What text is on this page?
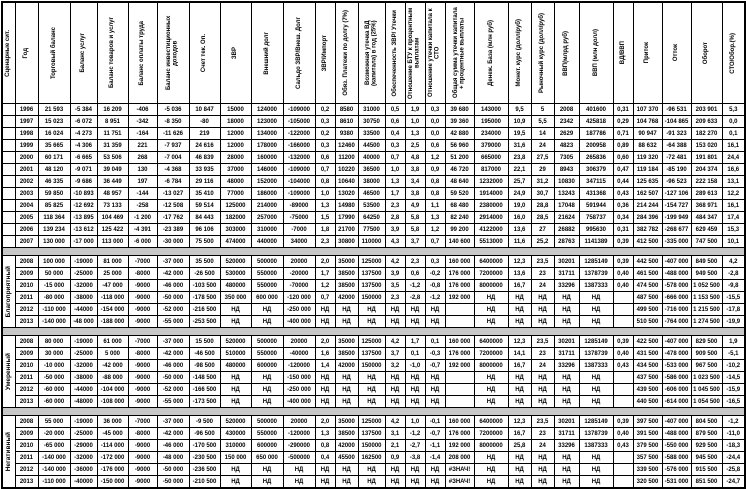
Сценарные сит.	Год	Торговый баланс	Баланс услуг	Баланс товаров и услуг	Баланс оплаты труда	Баланс инвестиционных доходов	Счет тек. Оп.	ЗВР	Внешний долг	Сальдо ЗВР/Внеш. Долг	ЗВР/Импорт	Обяз. Платежи по долгу (7%)	Возможная утечка ВД (капитала) в год (25%)	Обеспеченность ЗВР/ Утечки	Отношение БТУ к процентным выплатам	Отношение утечки капитала к СТО	Общая сумма утечки капитала + процентные выплаты	Денеж. База (млн руб)	Монет. курс (долл/руб)	Рыночный курс (долл/руб)	ВВП(млрд руб)	ВВП (млн долл)	ВД/ВВП	Приток	Отток	Оборот	СТО/Обор.(%)

	1996	21 593	-5 384	16 209	-406	-5 036	10 847	15000	124000	-109000	0,2	8580	31000	0,5	1,9	0,3	39 680	143000	9,5	5	2008	401600	0,31	107 370	-96 531	203 901	5,3
	1997	15 023	-6 072	8 951	-342	-8 350	-80	18000	123000	-105000	0,3	8610	30750	0,6	1,0	0,0	39 360	195000	10,9	5,5	2342	425818	0,29	104 768	-104 865	209 633	0,0
	1998	16 024	-4 273	11 751	-164	-11 626	219	12000	134000	-122000	0,2	9380	33500	0,4	1,3	0,0	42 880	234000	19,5	14	2629	187786	0,71	90 947	-91 323	182 270	0,1
	1999	35 665	-4 306	31 359	221	-7 937	24 616	12000	178000	-166000	0,3	12460	44500	0,3	2,5	0,6	56 960	379000	31,6	24	4823	200958	0,89	88 632	-64 388	153 020	16,1
	2000	60 171	-6 665	53 506	268	-7 004	46 839	28000	160000	-132000	0,6	11200	40000	0,7	4,8	1,2	51 200	665000	23,8	27,5	7305	265836	0,60	119 320	-72 481	191 801	24,4
	2001	48 120	-9 071	39 049	130	-4 368	33 935	37000	146000	-109000	0,7	10220	36500	1,0	3,8	0,9	46 720	817000	22,1	29	8943	306379	0,47	119 184	-85 190	204 374	16,6
	2002	46 335	-9 686	36 449	197	-6 784	29 116	48000	152000	-104000	0,8	10640	38000	1,3	3,4	0,8	48 640	1232000	25,7	31,2	10830	347115	0,44	125 635	-96 523	222 158	13,1
	2003	59 850	-10 893	48 957	-144	-13 027	35 410	77000	186000	-109000	1,0	13020	46500	1,7	3,8	0,8	59 520	1914000	24,9	30,7	13243	431368	0,43	162 507	-127 106	289 613	12,2
	2004	85 825	-12 692	73 133	-258	-12 508	59 514	125000	214000	-89000	1,3	14980	53500	2,3	4,9	1,1	68 480	2380000	19,0	28,8	17048	591944	0,36	214 244	-154 727	368 971	16,1
	2005	118 364	-13 895	104 469	-1 200	-17 762	84 443	182000	257000	-75000	1,5	17990	64250	2,8	5,8	1,3	82 240	2914000	16,0	28,5	21624	758737	0,34	284 396	-199 949	484 347	17,4
	2006	139 234	-13 612	125 422	-4 391	-23 389	96 106	303000	310000	-7000	1,8	21700	77500	3,9	5,8	1,2	99 200	4122000	13,6	27	26882	995630	0,31	382 782	-268 677	629 459	15,3
	2007	130 000	-17 000	113 000	-6 000	-30 000	75 500	474000	440000	34000	2,3	30800	110000	4,3	3,7	0,7	140 600	5513000	11,6	25,2	28763	1141389	0,39	412 500	-335 000	747 500	10,1

Благоприятный	2008	100 000	-19000	81 000	-7000	-37 000	35 500	520000	500000	20000	2,0	35000	125000	4,2	2,3	0,3	160 000	6400000	12,3	23,5	30201	1285149	0,39	442 500	-407 000	849 500	4,2
	2009	50 000	-25000	25 000	-8000	-42 000	-26 500	530000	550000	-20000	1,7	38500	137500	3,9	0,6	-0,2	176 000	7200000	13,6	23	31711	1378739	0,40	461 500	-488 000	949 500	-2,8
	2010	-15 000	-32000	-47 000	-9000	-46 000	-103 500	480000	550000	-70000	1,2	38500	137500	3,5	-1,2	-0,8	176 000	8000000	16,7	24	33296	1387333	0,40	474 500	-578 000	1 052 500	-9,8
	2011	-80 000	-38000	-118 000	-9000	-50 000	-178 500	350 000	600 000	-120 000	0,7	42000	150000	2,3	-2,8	-1,2	192 000	НД	НД	НД	НД	НД		487 500	-666 000	1 153 500	-15,5
	2012	-110 000	-44000	-154 000	-9000	-52 000	-216 500	НД	НД	-250 000	НД	НД	НД	НД	НД	НД		НД	НД	НД	НД	НД		499 500	-716 000	1 215 500	-17,8
	2013	-140 000	-48 000	-188 000	-9000	-55 000	-253 500	НД	НД	-400 000	НД	НД	НД	НД	НД	НД		НД	НД	НД	НД	НД		510 500	-764 000	1 274 500	-19,9

Умеренный	2008	80 000	-19000	61 000	-7000	-37 000	15 500	520000	500000	20000	2,0	35000	125000	4,2	1,7	0,1	160 000	6400000	12,3	23,5	30201	1285149	0,39	422 500	-407 000	829 500	1,9
	2009	30 000	-25000	5 000	-8000	-42 000	-46 500	510000	550000	-40000	1,6	38500	137500	3,7	0,1	-0,3	176 000	7200000	14,1	23	31711	1378739	0,40	431 500	-478 000	909 500	-5,1
	2010	-10 000	-32000	-42 000	-9000	-46 000	-98 500	480000	600000	-120000	1,4	42000	150000	3,2	-1,0	-0,7	192 000	8000000	16,7	24	33296	1387333	0,43	434 500	-533 000	967 500	-10,2
	2011	-50 000	-38000	-88 000	-9000	-50 000	-148 500	НД	НД	-150 000	НД	НД	НД	НД	НД	НД		НД	НД	НД	НД	НД		437 500	-586 000	1 023 500	-14,5
	2012	-60 000	-44000	-104 000	-9000	-52 000	-166 500	НД	НД	-250 000	НД	НД	НД	НД	НД	НД		НД	НД	НД	НД	НД		439 500	-606 000	1 045 500	-15,9
	2013	-60 000	-48000	-108 000	-9000	-55 000	-173 500	НД	НД	-400 000	НД	НД	НД	НД	НД	НД		НД	НД	НД	НД	НД		440 500	-614 000	1 054 500	-16,5

Негативный	2008	55 000	-19000	36 000	-7000	-37 000	-9 500	520000	500000	20000	2,0	35000	125000	4,2	1,0	-0,1	160 000	6400000	12,3	23,5	30201	1285149	0,39	397 500	-407 000	804 500	-1,2
	2009	-20 000	-25000	-45 000	-8000	-42 000	-96 500	430000	550000	-120000	1,3	38500	137500	3,1	-1,2	-0,7	176 000	7200000	16,7	23	31711	1378739	0,40	391 500	-488 000	879 500	-11,0
	2010	-65 000	-29000	-114 000	-9000	-46 000	-170 500	310000	600000	-290000	0,8	42000	150000	2,1	-2,7	-1,1	192 000	8000000	25,8	24	33296	1387333	0,43	379 500	-550 000	929 500	-18,3
	2011	-140 000	-32000	-172 000	-9000	-48 000	-230 500	150 000	650 000	-500000	0,4	45500	162500	0,9	-3,8	-1,4	208 000	НД	НД	НД	НД	НД		357 500	-588 000	945 500	-24,4
	2012	-140 000	-36000	-176 000	-9000	-50 000	-236 500	НД	НД	НД	НД	НД	НД	НД	НД	НД	#ЗНАЧ!	НД	НД	НД	НД	НД		339 500	-576 000	915 500	-25,8
	2013	-110 000	-40000	-150 000	-9000	-50 000	-210 500	НД	НД	НД	НД	НД	НД	НД	НД	НД	#ЗНАЧ!	НД	НД	НД	НД	НД		320 500	-531 000	851 500	-24,7
